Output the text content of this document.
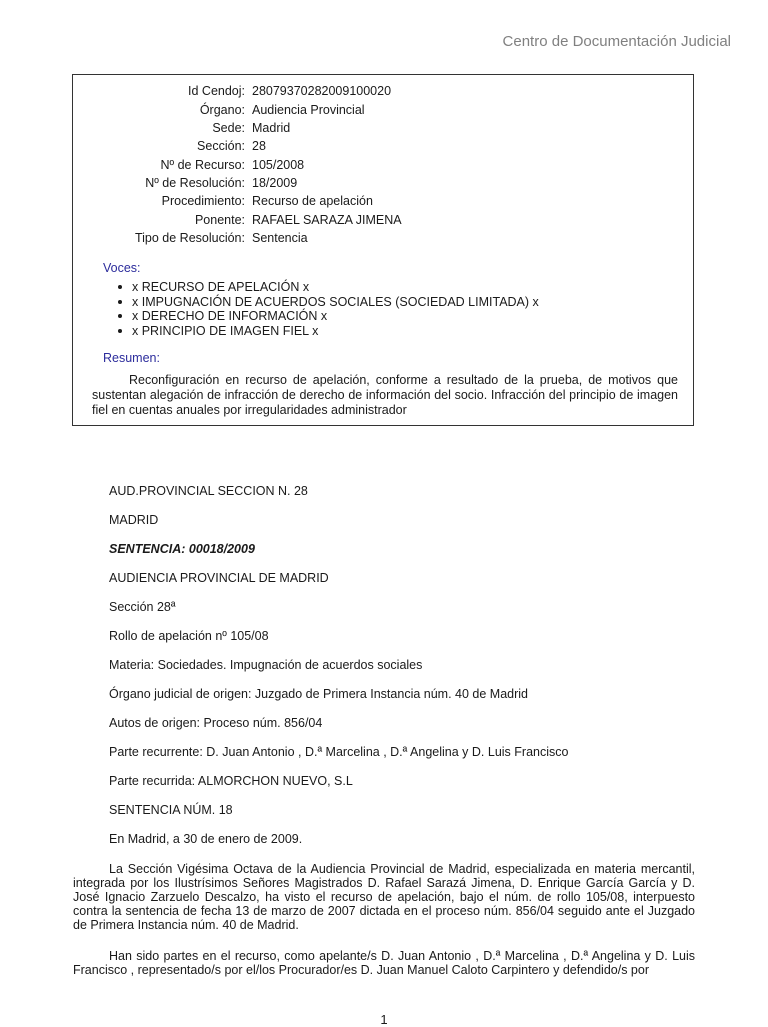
Centro de Documentación Judicial
Id Cendoj: 28079370282009100020
Órgano: Audiencia Provincial
Sede: Madrid
Sección: 28
Nº de Recurso: 105/2008
Nº de Resolución: 18/2009
Procedimiento: Recurso de apelación
Ponente: RAFAEL SARAZA JIMENA
Tipo de Resolución: Sentencia
Voces:
x RECURSO DE APELACIÓN x
x IMPUGNACIÓN DE ACUERDOS SOCIALES (SOCIEDAD LIMITADA) x
x DERECHO DE INFORMACIÓN x
x PRINCIPIO DE IMAGEN FIEL x
Resumen:
Reconfiguración en recurso de apelación, conforme a resultado de la prueba, de motivos que sustentan alegación de infracción de derecho de información del socio. Infracción del principio de imagen fiel en cuentas anuales por irregularidades administrador
AUD.PROVINCIAL SECCION N. 28
MADRID
SENTENCIA: 00018/2009
AUDIENCIA PROVINCIAL DE MADRID
Sección 28ª
Rollo de apelación nº 105/08
Materia: Sociedades. Impugnación de acuerdos sociales
Órgano judicial de origen: Juzgado de Primera Instancia núm. 40 de Madrid
Autos de origen: Proceso núm. 856/04
Parte recurrente: D. Juan Antonio , D.ª Marcelina , D.ª Angelina y D. Luis Francisco
Parte recurrida: ALMORCHON NUEVO, S.L
SENTENCIA NÚM. 18
En Madrid, a 30 de enero de 2009.
La Sección Vigésima Octava de la Audiencia Provincial de Madrid, especializada en materia mercantil, integrada por los Ilustrísimos Señores Magistrados D. Rafael Sarazá Jimena, D. Enrique García García y D. José Ignacio Zarzuelo Descalzo, ha visto el recurso de apelación, bajo el núm. de rollo 105/08, interpuesto contra la sentencia de fecha 13 de marzo de 2007 dictada en el proceso núm. 856/04 seguido ante el Juzgado de Primera Instancia núm. 40 de Madrid.
Han sido partes en el recurso, como apelante/s D. Juan Antonio , D.ª Marcelina , D.ª Angelina y D. Luis Francisco , representado/s por el/los Procurador/es D. Juan Manuel Caloto Carpintero y defendido/s por
1
